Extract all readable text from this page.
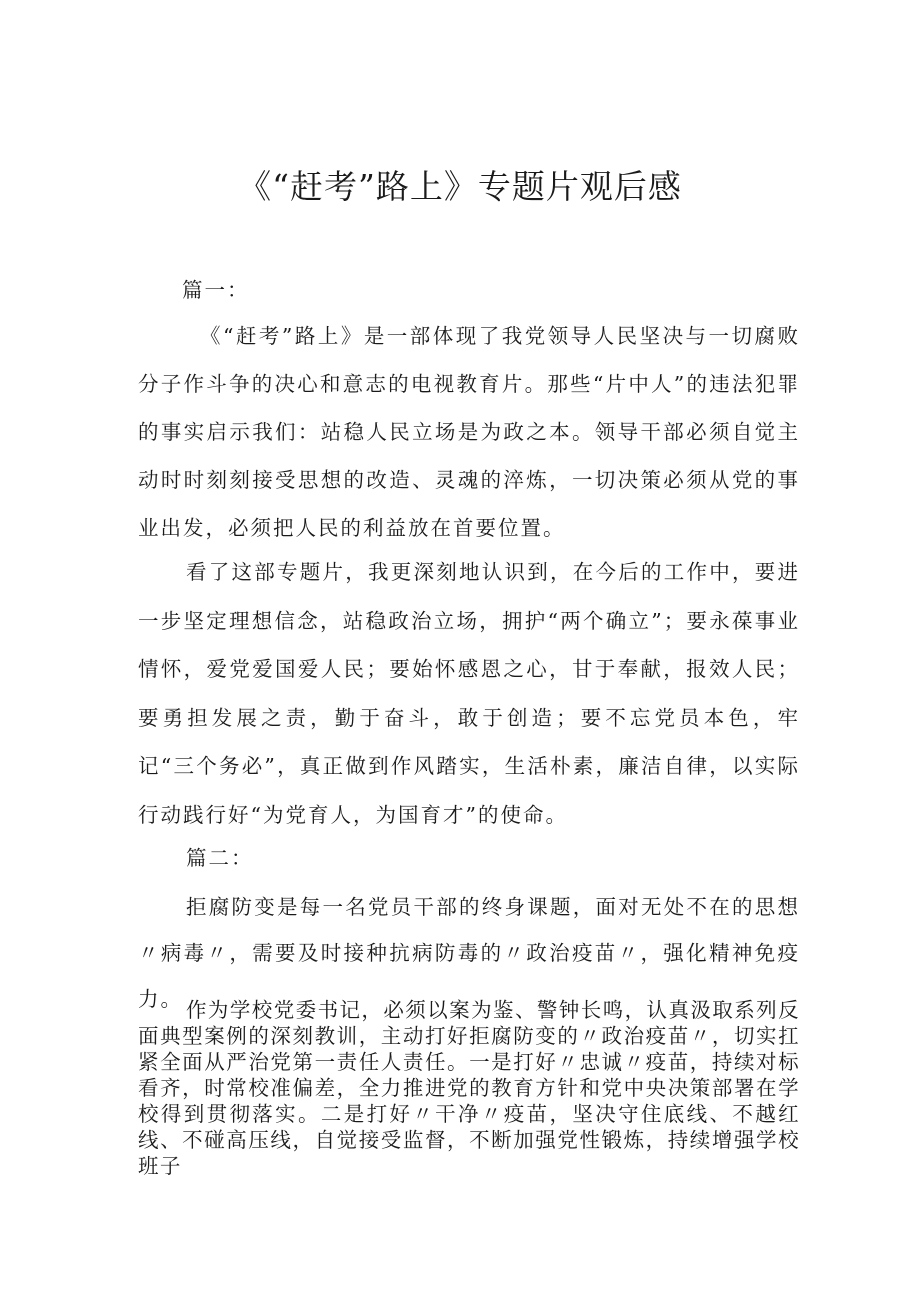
《“赶考”路上》专题片观后感

篇一：

《“赶考”路上》是一部体现了我党领导人民坚决与一切腐败分子作斗争的决心和意志的电视教育片。那些“片中人”的违法犯罪的事实启示我们：站稳人民立场是为政之本。领导干部必须自觉主动时时刻刻接受思想的改造、灵魂的淬炼，一切决策必须从党的事业出发，必须把人民的利益放在首要位置。

看了这部专题片，我更深刻地认识到，在今后的工作中，要进一步坚定理想信念，站稳政治立场，拥护“两个确立”；要永葆事业情怀，爱党爱国爱人民；要始怀感恩之心，甘于奉献，报效人民；要勇担发展之责，勤于奋斗，敢于创造；要不忘党员本色，牢记“三个务必”，真正做到作风踏实，生活朴素，廉洁自律，以实际行动践行好“为党育人，为国育才”的使命。

篇二：

拒腐防变是每一名党员干部的终身课题，面对无处不在的思想〃病毒〃，需要及时接种抗病防毒的〃政治疫苗〃，强化精神免疫力。 作为学校党委书记，必须以案为鉴、警钟长鸣，认真汲取系列反面典型案例的深刻教训，主动打好拒腐防变的〃政治疫苗〃，切实扛紧全面从严治党第一责任人责任。一是打好〃忠诚〃疫苗，持续对标看齐，时常校准偏差，全力推进党的教育方针和党中央决策部署在学校得到贯彻落实。二是打好〃干净〃疫苗，坚决守住底线、不越红线、不碰高压线，自觉接受监督，不断加强党性锻炼，持续增强学校班子
